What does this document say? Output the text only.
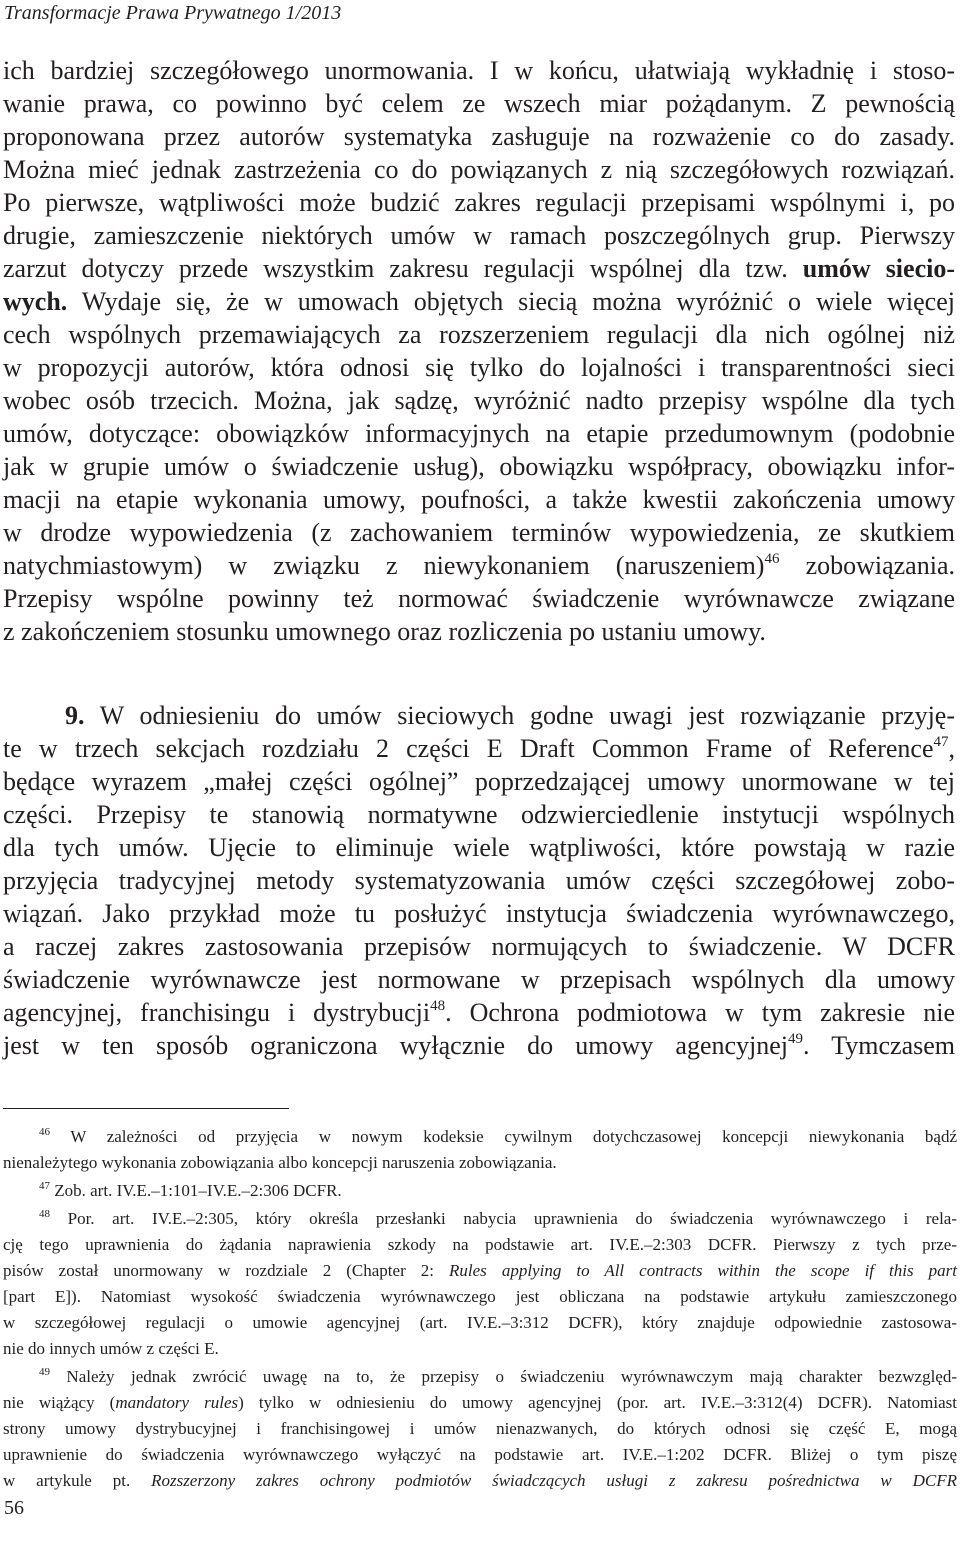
Transformacje Prawa Prywatnego 1/2013
ich bardziej szczegółowego unormowania. I w końcu, ułatwiają wykładnię i stoso-
wanie prawa, co powinno być celem ze wszech miar pożądanym. Z pewnością
proponowana przez autorów systematyka zasługuje na rozważenie co do zasady.
Można mieć jednak zastrzeżenia co do powiązanych z nią szczegółowych rozwiązań.
Po pierwsze, wątpliwości może budzić zakres regulacji przepisami wspólnymi i, po
drugie, zamieszczenie niektórych umów w ramach poszczególnych grup. Pierwszy
zarzut dotyczy przede wszystkim zakresu regulacji wspólnej dla tzw. umów siecio-
wych. Wydaje się, że w umowach objętych siecią można wyróżnić o wiele więcej
cech wspólnych przemawiających za rozszerzeniem regulacji dla nich ogólnej niż
w propozycji autorów, która odnosi się tylko do lojalności i transparentności sieci
wobec osób trzecich. Można, jak sądzę, wyróżnić nadto przepisy wspólne dla tych
umów, dotyczące: obowiązków informacyjnych na etapie przedumownym (podobnie
jak w grupie umów o świadczenie usług), obowiązku współpracy, obowiązku infor-
macji na etapie wykonania umowy, poufności, a także kwestii zakończenia umowy
w drodze wypowiedzenia (z zachowaniem terminów wypowiedzenia, ze skutkiem
natychmiastowym) w związku z niewykonaniem (naruszeniem)$^{46}$ zobowiązania.
Przepisy wspólne powinny też normować świadczenie wyrównawcze związane
z zakończeniem stosunku umownego oraz rozliczenia po ustaniu umowy.
9. W odniesieniu do umów sieciowych godne uwagi jest rozwiązanie przyję-
te w trzech sekcjach rozdziału 2 części E Draft Common Frame of Reference$^{47}$,
będące wyrazem „małej części ogólnej” poprzedzającej umowy unormowane w tej
części. Przepisy te stanowią normatywne odzwierciedlenie instytucji wspólnych
dla tych umów. Ujęcie to eliminuje wiele wątpliwości, które powstają w razie
przyjęcia tradycyjnej metody systematyzowania umów części szczegółowej zobo-
wiązań. Jako przykład może tu posłużyć instytucja świadczenia wyrównawczego,
a raczej zakres zastosowania przepisów normujących to świadczenie. W DCFR
świadczenie wyrównawcze jest normowane w przepisach wspólnych dla umowy
agencyjnej, franchisingu i dystrybucji$^{48}$. Ochrona podmiotowa w tym zakresie nie
jest w ten sposób ograniczona wyłącznie do umowy agencyjnej$^{49}$. Tymczasem
$^{46}$ W zależności od przyjęcia w nowym kodeksie cywilnym dotychczasowej koncepcji niewykonania bądź
nienależytego wykonania zobowiązania albo koncepcji naruszenia zobowiązania.
$^{47}$ Zob. art. IV.E.–1:101–IV.E.–2:306 DCFR.
$^{48}$ Por. art. IV.E.–2:305, który określa przesłanki nabycia uprawnienia do świadczenia wyrównawczego i rela-
cję tego uprawnienia do żądania naprawienia szkody na podstawie art. IV.E.–2:303 DCFR. Pierwszy z tych prze-
pisów został unormowany w rozdziale 2 (Chapter 2: Rules applying to All contracts within the scope if this part
[part E]). Natomiast wysokość świadczenia wyrównawczego jest obliczana na podstawie artykułu zamieszczonego
w szczegółowej regulacji o umowie agencyjnej (art. IV.E.–3:312 DCFR), który znajduje odpowiednie zastosowa-
nie do innych umów z części E.
$^{49}$ Należy jednak zwrócić uwagę na to, że przepisy o świadczeniu wyrównawczym mają charakter bezwzględ-
nie wiążący (mandatory rules) tylko w odniesieniu do umowy agencyjnej (por. art. IV.E.–3:312(4) DCFR). Natomiast
strony umowy dystrybucyjnej i franchisingowej i umów nienazwanych, do których odnosi się część E, mogą
uprawnienie do świadczenia wyrównawczego wyłączyć na podstawie art. IV.E.–1:202 DCFR. Bliżej o tym piszę
w artykule pt. Rozszerzony zakres ochrony podmiotów świadczących usługi z zakresu pośrednictwa w DCFR
56
